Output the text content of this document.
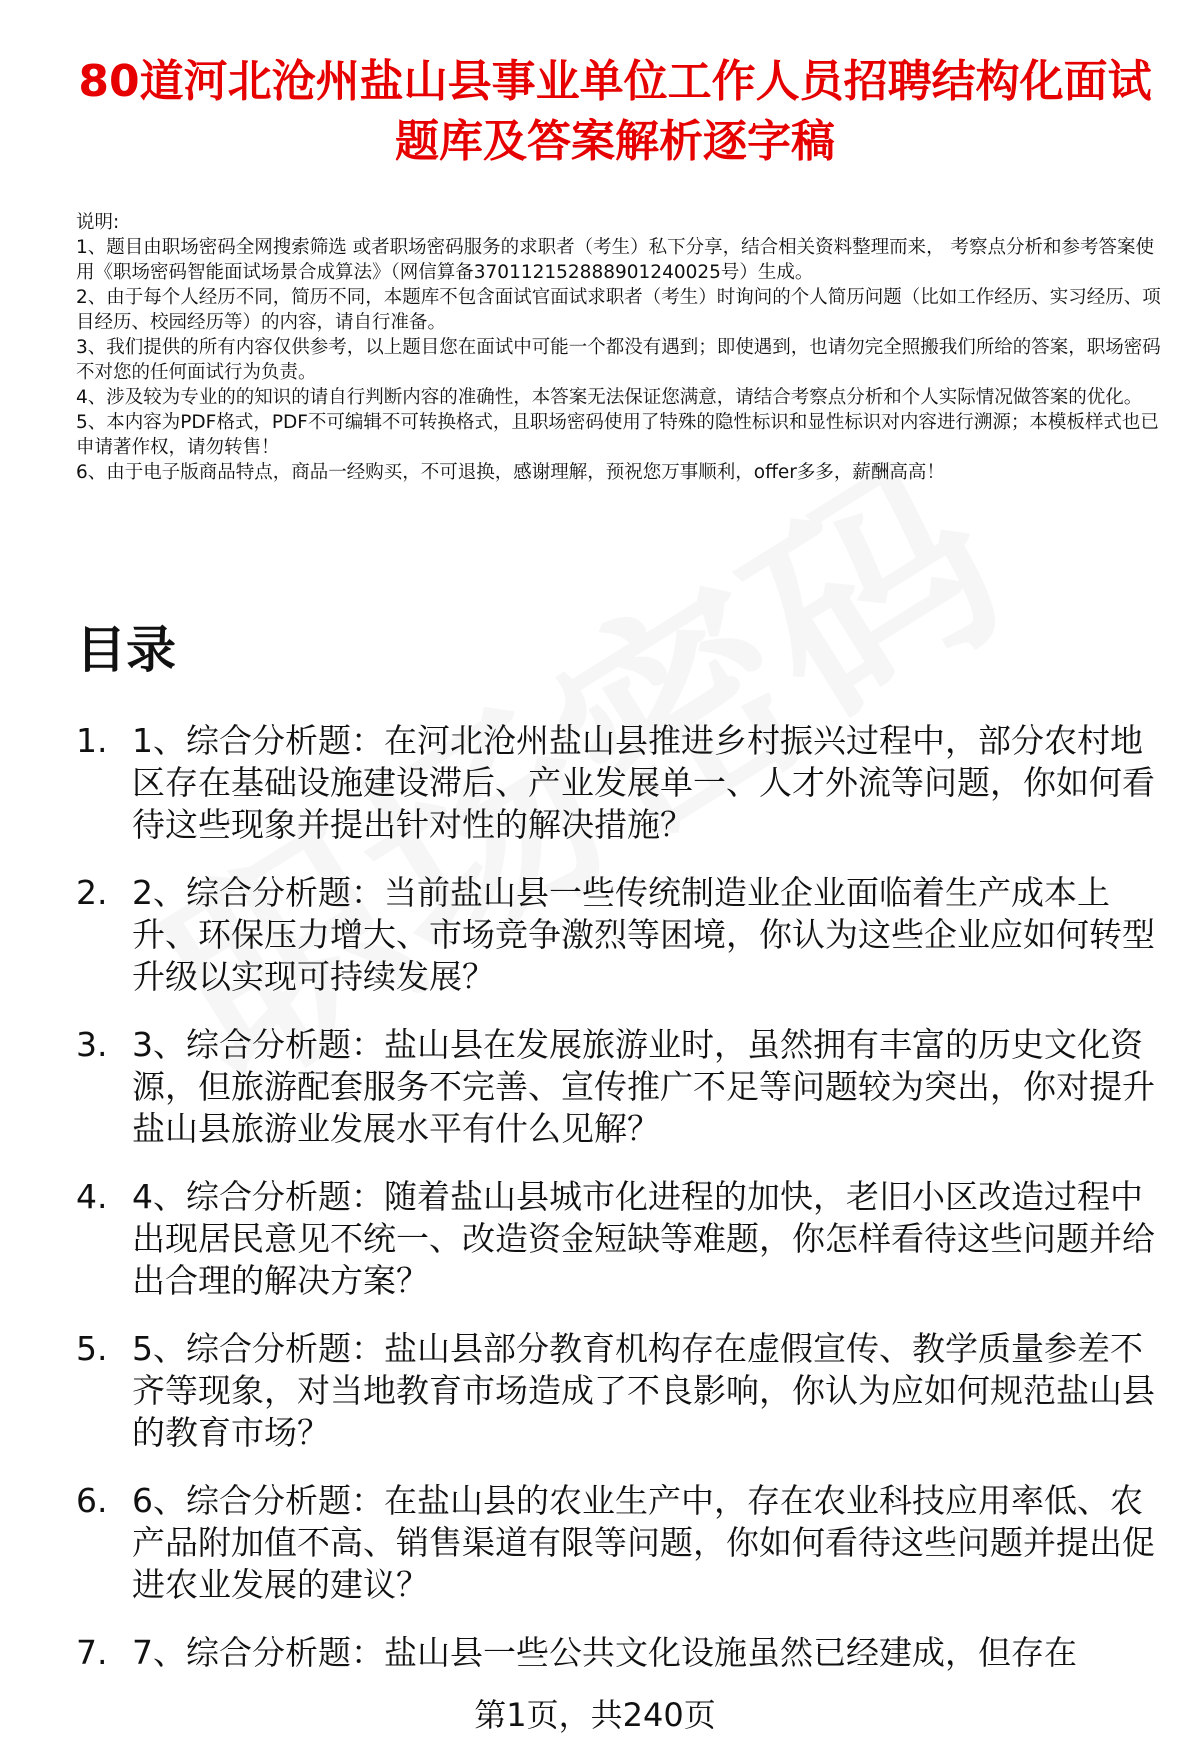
80道河北沧州盐山县事业单位工作人员招聘结构化面试题库及答案解析逐字稿

说明:

1、题目由职场密码全网搜索筛选 或者职场密码服务的求职者（考生）私下分享，结合相关资料整理而来， 考察点分析和参考答案使用《职场密码智能面试场景合成算法》（网信算备370112152888901240025号）生成。

2、由于每个人经历不同，简历不同，本题库不包含面试官面试求职者（考生）时询问的个人简历问题（比如工作经历、实习经历、项目经历、校园经历等）的内容，请自行准备。

3、我们提供的所有内容仅供参考，以上题目您在面试中可能一个都没有遇到；即使遇到，也请勿完全照搬我们所给的答案，职场密码不对您的任何面试行为负责。

4、涉及较为专业的的知识的请自行判断内容的准确性，本答案无法保证您满意，请结合考察点分析和个人实际情况做答案的优化。

5、本内容为PDF格式，PDF不可编辑不可转换格式，且职场密码使用了特殊的隐性标识和显性标识对内容进行溯源；本模板样式也已申请著作权，请勿转售！

6、由于电子版商品特点，商品一经购买，不可退换，感谢理解，预祝您万事顺利，offer多多，薪酬高高！

目录
1. 1、综合分析题：在河北沧州盐山县推进乡村振兴过程中，部分农村地区存在基础设施建设滞后、产业发展单一、人才外流等问题，你如何看待这些现象并提出针对性的解决措施？
2. 2、综合分析题：当前盐山县一些传统制造业企业面临着生产成本上升、环保压力增大、市场竞争激烈等困境，你认为这些企业应如何转型升级以实现可持续发展？
3. 3、综合分析题：盐山县在发展旅游业时，虽然拥有丰富的历史文化资源，但旅游配套服务不完善、宣传推广不足等问题较为突出，你对提升盐山县旅游业发展水平有什么见解？
4. 4、综合分析题：随着盐山县城市化进程的加快，老旧小区改造过程中出现居民意见不统一、改造资金短缺等难题，你怎样看待这些问题并给出合理的解决方案？
5. 5、综合分析题：盐山县部分教育机构存在虚假宣传、教学质量参差不齐等现象，对当地教育市场造成了不良影响，你认为应如何规范盐山县的教育市场？
6. 6、综合分析题：在盐山县的农业生产中，存在农业科技应用率低、农产品附加值不高、销售渠道有限等问题，你如何看待这些问题并提出促进农业发展的建议？
7. 7、综合分析题：盐山县一些公共文化设施虽然已经建成，但存在
第1页，共240页
